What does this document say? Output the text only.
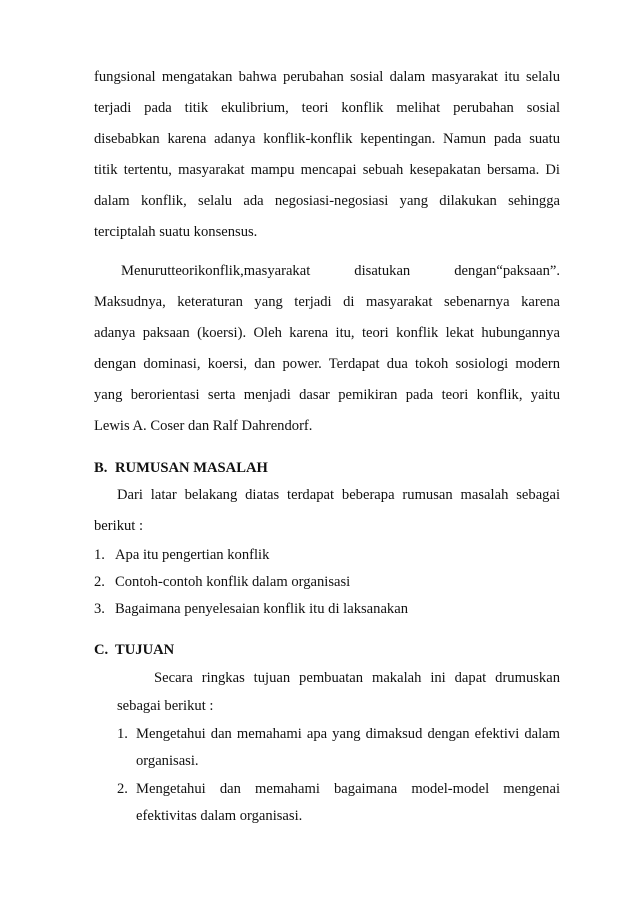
fungsional mengatakan bahwa perubahan sosial dalam masyarakat itu selalu
terjadi pada titik ekulibrium, teori konflik melihat perubahan sosial
disebabkan karena adanya konflik-konflik kepentingan. Namun pada suatu
titik tertentu, masyarakat mampu mencapai sebuah kesepakatan bersama. Di
dalam konflik, selalu ada negosiasi-negosiasi yang dilakukan sehingga
terciptalah suatu konsensus.
Menurutteorikonflik,masyarakat disatukan dengan“paksaan”.
Maksudnya, keteraturan yang terjadi di masyarakat sebenarnya karena
adanya paksaan (koersi). Oleh karena itu, teori konflik lekat hubungannya
dengan dominasi, koersi, dan power. Terdapat dua tokoh sosiologi modern
yang berorientasi serta menjadi dasar pemikiran pada teori konflik, yaitu
Lewis A. Coser dan Ralf Dahrendorf.
B. RUMUSAN MASALAH
Dari latar belakang diatas terdapat beberapa rumusan masalah sebagai
berikut :
1. Apa itu pengertian konflik
2. Contoh-contoh konflik dalam organisasi
3. Bagaimana penyelesaian konflik itu di laksanakan
C. TUJUAN
Secara ringkas tujuan pembuatan makalah ini dapat drumuskan
sebagai berikut :
1. Mengetahui dan memahami apa yang dimaksud dengan efektivi dalam
organisasi.
2. Mengetahui dan memahami bagaimana model-model mengenai
efektivitas dalam organisasi.
